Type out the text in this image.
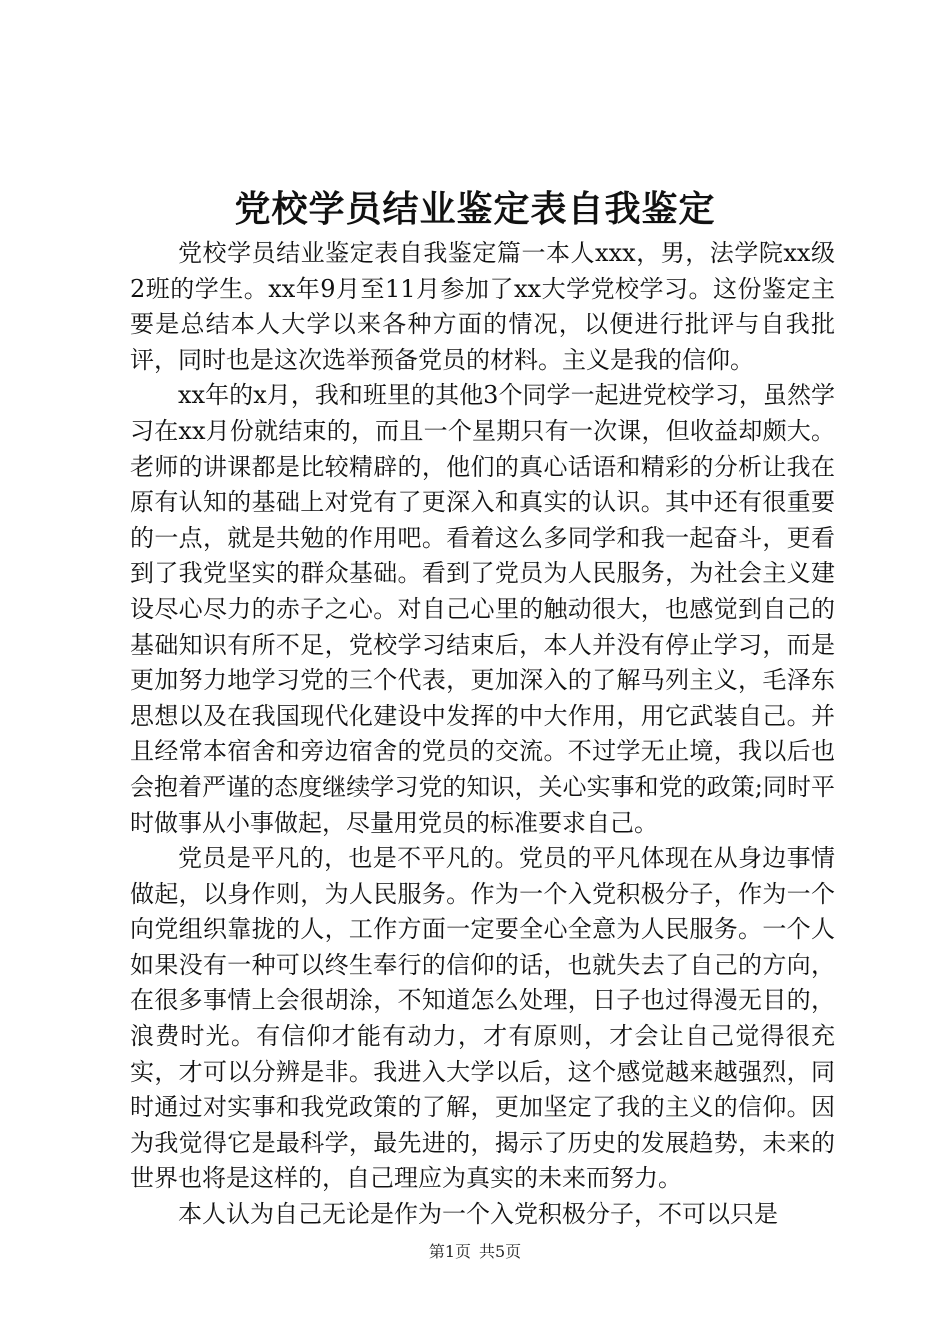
党校学员结业鉴定表自我鉴定

党校学员结业鉴定表自我鉴定篇一本人xxx，男，法学院xx级2班的学生。xx年9月至11月参加了xx大学党校学习。这份鉴定主要是总结本人大学以来各种方面的情况，以便进行批评与自我批评，同时也是这次选举预备党员的材料。主义是我的信仰。

xx年的x月，我和班里的其他3个同学一起进党校学习，虽然学习在xx月份就结束的，而且一个星期只有一次课，但收益却颇大。老师的讲课都是比较精辟的，他们的真心话语和精彩的分析让我在原有认知的基础上对党有了更深入和真实的认识。其中还有很重要的一点，就是共勉的作用吧。看着这么多同学和我一起奋斗，更看到了我党坚实的群众基础。看到了党员为人民服务，为社会主义建设尽心尽力的赤子之心。对自己心里的触动很大，也感觉到自己的基础知识有所不足，党校学习结束后，本人并没有停止学习，而是更加努力地学习党的三个代表，更加深入的了解马列主义，毛泽东思想以及在我国现代化建设中发挥的中大作用，用它武装自己。并且经常本宿舍和旁边宿舍的党员的交流。不过学无止境，我以后也会抱着严谨的态度继续学习党的知识，关心实事和党的政策;同时平时做事从小事做起，尽量用党员的标准要求自己。

党员是平凡的，也是不平凡的。党员的平凡体现在从身边事情做起，以身作则，为人民服务。作为一个入党积极分子，作为一个向党组织靠拢的人，工作方面一定要全心全意为人民服务。一个人如果没有一种可以终生奉行的信仰的话，也就失去了自己的方向，在很多事情上会很胡涂，不知道怎么处理，日子也过得漫无目的，浪费时光。有信仰才能有动力，才有原则，才会让自己觉得很充实，才可以分辨是非。我进入大学以后，这个感觉越来越强烈，同时通过对实事和我党政策的了解，更加坚定了我的主义的信仰。因为我觉得它是最科学，最先进的，揭示了历史的发展趋势，未来的世界也将是这样的，自己理应为真实的未来而努力。

本人认为自己无论是作为一个入党积极分子，不可以只是

第1页 共5页
